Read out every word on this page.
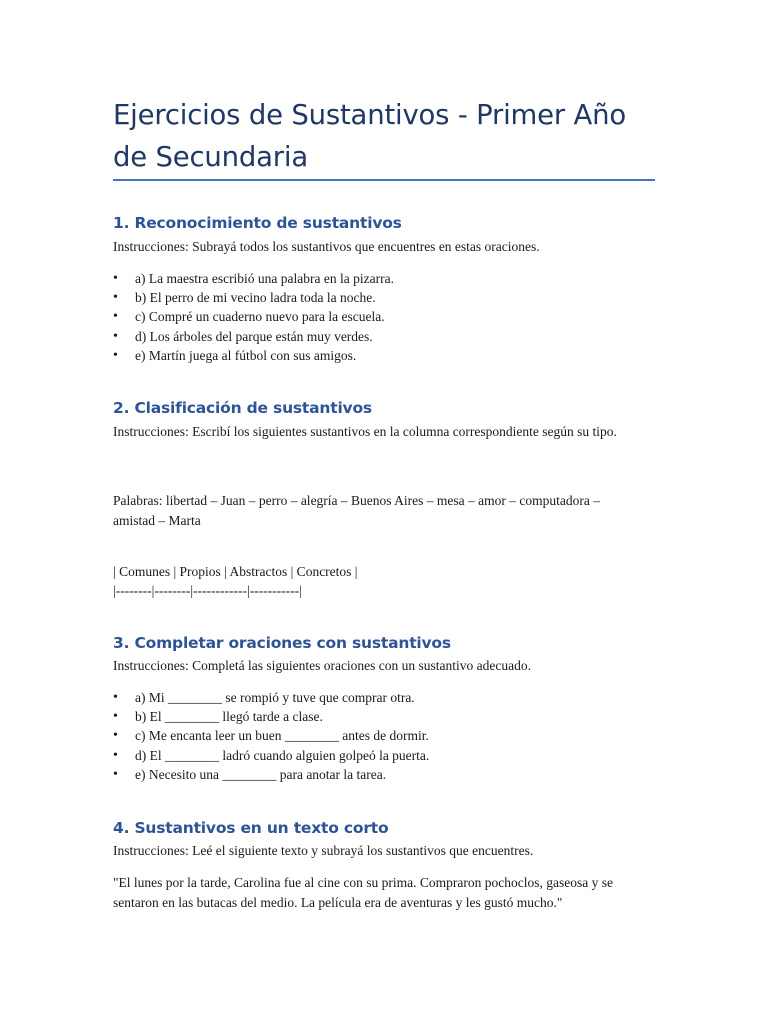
Ejercicios de Sustantivos - Primer Año de Secundaria
1. Reconocimiento de sustantivos

Instrucciones: Subrayá todos los sustantivos que encuentres en estas oraciones.

• a) La maestra escribió una palabra en la pizarra.
• b) El perro de mi vecino ladra toda la noche.
• c) Compré un cuaderno nuevo para la escuela.
• d) Los árboles del parque están muy verdes.
• e) Martín juega al fútbol con sus amigos.
2. Clasificación de sustantivos

Instrucciones: Escribí los siguientes sustantivos en la columna correspondiente según su tipo.

Palabras: libertad – Juan – perro – alegría – Buenos Aires – mesa – amor – computadora – amistad – Marta

| Comunes | Propios | Abstractos | Concretos |

|--------|--------|------------|-----------|

3. Completar oraciones con sustantivos

Instrucciones: Completá las siguientes oraciones con un sustantivo adecuado.

• a) Mi ________ se rompió y tuve que comprar otra.
• b) El ________ llegó tarde a clase.
• c) Me encanta leer un buen ________ antes de dormir.
• d) El ________ ladró cuando alguien golpeó la puerta.
• e) Necesito una ________ para anotar la tarea.
4. Sustantivos en un texto corto

Instrucciones: Leé el siguiente texto y subrayá los sustantivos que encuentres.

"El lunes por la tarde, Carolina fue al cine con su prima. Compraron pochoclos, gaseosa y se sentaron en las butacas del medio. La película era de aventuras y les gustó mucho."
